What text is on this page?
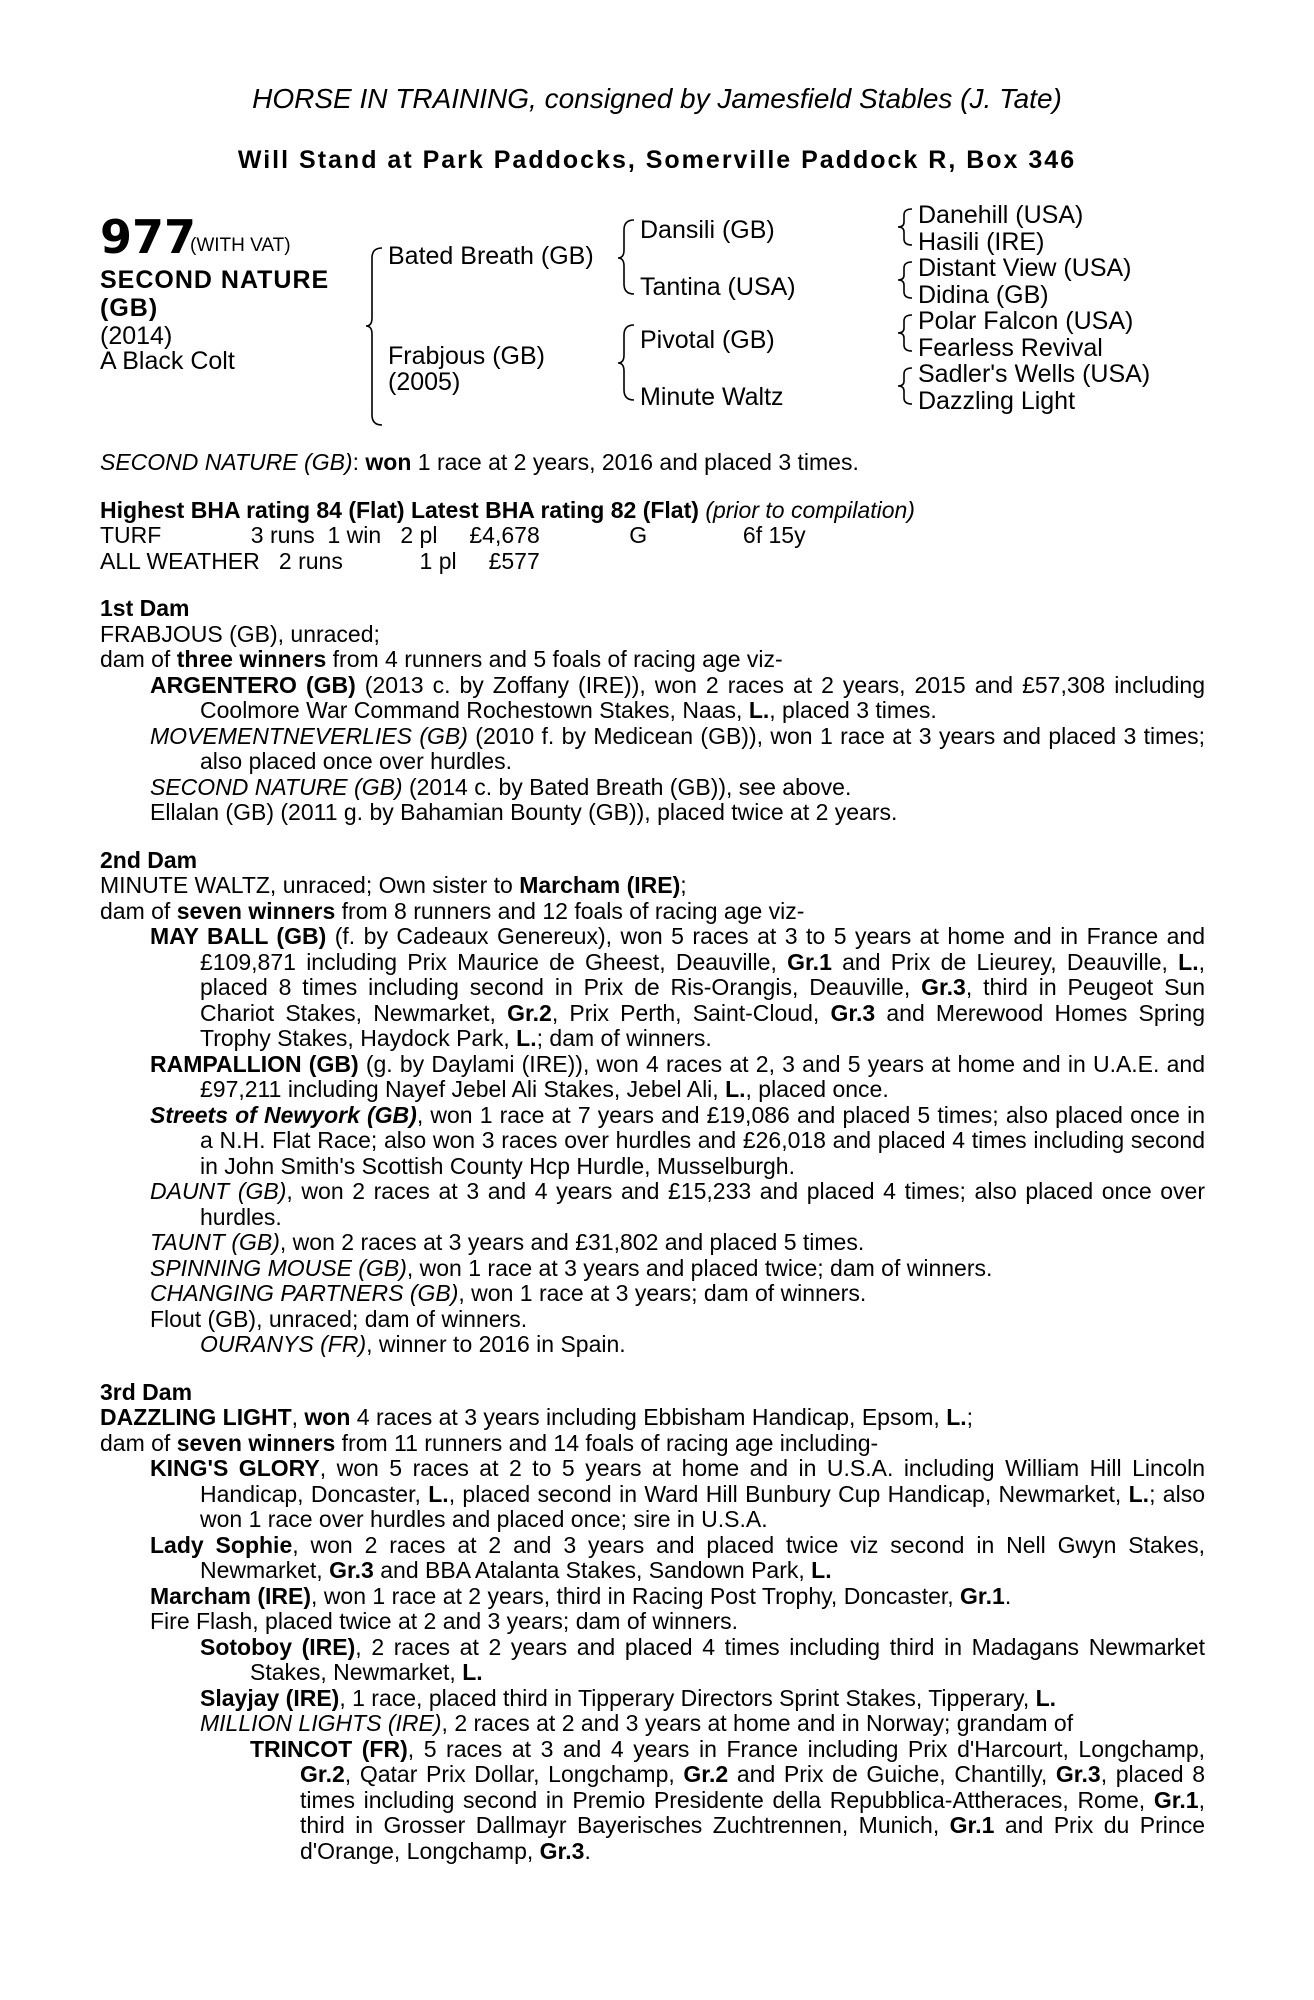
HORSE IN TRAINING, consigned by Jamesfield Stables (J. Tate)
Will Stand at Park Paddocks, Somerville Paddock R, Box 346
977
(WITH VAT)
SECOND NATURE
(GB)
(2014)
A Black Colt
Bated Breath (GB)
Frabjous (GB)
(2005)
Dansili (GB)
Tantina (USA)
Pivotal (GB)
Minute Waltz
Danehill (USA)
Hasili (IRE)
Distant View (USA)
Didina (GB)
Polar Falcon (USA)
Fearless Revival
Sadler's Wells (USA)
Dazzling Light

SECOND NATURE (GB): won 1 race at 2 years, 2016 and placed 3 times.

Highest BHA rating 84 (Flat) Latest BHA rating 82 (Flat) (prior to compilation)

TURF              3 runs  1 win   2 pl     £4,678              G               6f 15y

ALL WEATHER   2 runs            1 pl     £577

1st Dam

FRABJOUS (GB), unraced;

dam of three winners from 4 runners and 5 foals of racing age viz-

ARGENTERO (GB) (2013 c. by Zoffany (IRE)), won 2 races at 2 years, 2015 and £57,308 including Coolmore War Command Rochestown Stakes, Naas, L., placed 3 times.

MOVEMENTNEVERLIES (GB) (2010 f. by Medicean (GB)), won 1 race at 3 years and placed 3 times; also placed once over hurdles.

SECOND NATURE (GB) (2014 c. by Bated Breath (GB)), see above.

Ellalan (GB) (2011 g. by Bahamian Bounty (GB)), placed twice at 2 years.

2nd Dam

MINUTE WALTZ, unraced; Own sister to Marcham (IRE);

dam of seven winners from 8 runners and 12 foals of racing age viz-

MAY BALL (GB) (f. by Cadeaux Genereux), won 5 races at 3 to 5 years at home and in France and £109,871 including Prix Maurice de Gheest, Deauville, Gr.1 and Prix de Lieurey, Deauville, L., placed 8 times including second in Prix de Ris-Orangis, Deauville, Gr.3, third in Peugeot Sun Chariot Stakes, Newmarket, Gr.2, Prix Perth, Saint-Cloud, Gr.3 and Merewood Homes Spring Trophy Stakes, Haydock Park, L.; dam of winners.

RAMPALLION (GB) (g. by Daylami (IRE)), won 4 races at 2, 3 and 5 years at home and in U.A.E. and £97,211 including Nayef Jebel Ali Stakes, Jebel Ali, L., placed once.

Streets of Newyork (GB), won 1 race at 7 years and £19,086 and placed 5 times; also placed once in a N.H. Flat Race; also won 3 races over hurdles and £26,018 and placed 4 times including second in John Smith's Scottish County Hcp Hurdle, Musselburgh.

DAUNT (GB), won 2 races at 3 and 4 years and £15,233 and placed 4 times; also placed once over hurdles.

TAUNT (GB), won 2 races at 3 years and £31,802 and placed 5 times.

SPINNING MOUSE (GB), won 1 race at 3 years and placed twice; dam of winners.

CHANGING PARTNERS (GB), won 1 race at 3 years; dam of winners.

Flout (GB), unraced; dam of winners.

OURANYS (FR), winner to 2016 in Spain.

3rd Dam

DAZZLING LIGHT, won 4 races at 3 years including Ebbisham Handicap, Epsom, L.;

dam of seven winners from 11 runners and 14 foals of racing age including-

KING'S GLORY, won 5 races at 2 to 5 years at home and in U.S.A. including William Hill Lincoln Handicap, Doncaster, L., placed second in Ward Hill Bunbury Cup Handicap, Newmarket, L.; also won 1 race over hurdles and placed once; sire in U.S.A.

Lady Sophie, won 2 races at 2 and 3 years and placed twice viz second in Nell Gwyn Stakes, Newmarket, Gr.3 and BBA Atalanta Stakes, Sandown Park, L.

Marcham (IRE), won 1 race at 2 years, third in Racing Post Trophy, Doncaster, Gr.1.

Fire Flash, placed twice at 2 and 3 years; dam of winners.

Sotoboy (IRE), 2 races at 2 years and placed 4 times including third in Madagans Newmarket Stakes, Newmarket, L.

Slayjay (IRE), 1 race, placed third in Tipperary Directors Sprint Stakes, Tipperary, L.

MILLION LIGHTS (IRE), 2 races at 2 and 3 years at home and in Norway; grandam of

TRINCOT (FR), 5 races at 3 and 4 years in France including Prix d'Harcourt, Longchamp, Gr.2, Qatar Prix Dollar, Longchamp, Gr.2 and Prix de Guiche, Chantilly, Gr.3, placed 8 times including second in Premio Presidente della Repubblica-Attheraces, Rome, Gr.1, third in Grosser Dallmayr Bayerisches Zuchtrennen, Munich, Gr.1 and Prix du Prince d'Orange, Longchamp, Gr.3.
